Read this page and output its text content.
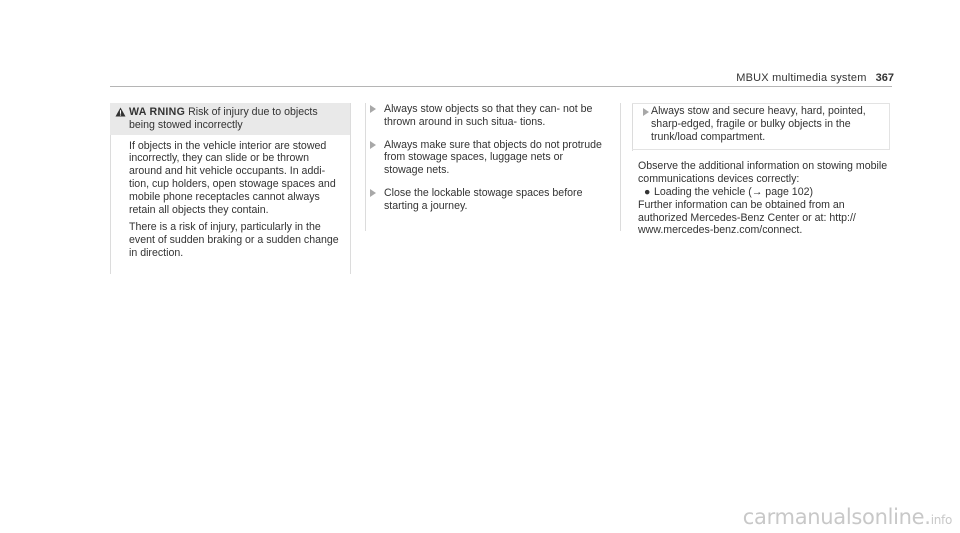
MBUX multimedia system 367
WA RNING Risk of injury due to objects being stowed incorrectly

If objects in the vehicle interior are stowed incorrectly, they can slide or be thrown around and hit vehicle occupants. In addi- tion, cup holders, open stowage spaces and mobile phone receptacles cannot always retain all objects they contain.

There is a risk of injury, particularly in the event of sudden braking or a sudden change in direction.

Always stow objects so that they can- not be thrown around in such situa- tions.
Always make sure that objects do not protrude from stowage spaces, luggage nets or stowage nets.
Close the lockable stowage spaces before starting a journey.
Always stow and secure heavy, hard, pointed, sharp-edged, fragile or bulky objects in the trunk/load compartment.

Observe the additional information on stowing mobile communications devices correctly:

● Loading the vehicle (→ page 102)

Further information can be obtained from an authorized Mercedes-Benz Center or at: http:// www.mercedes-benz.com/connect.

carmanualsonline.info
